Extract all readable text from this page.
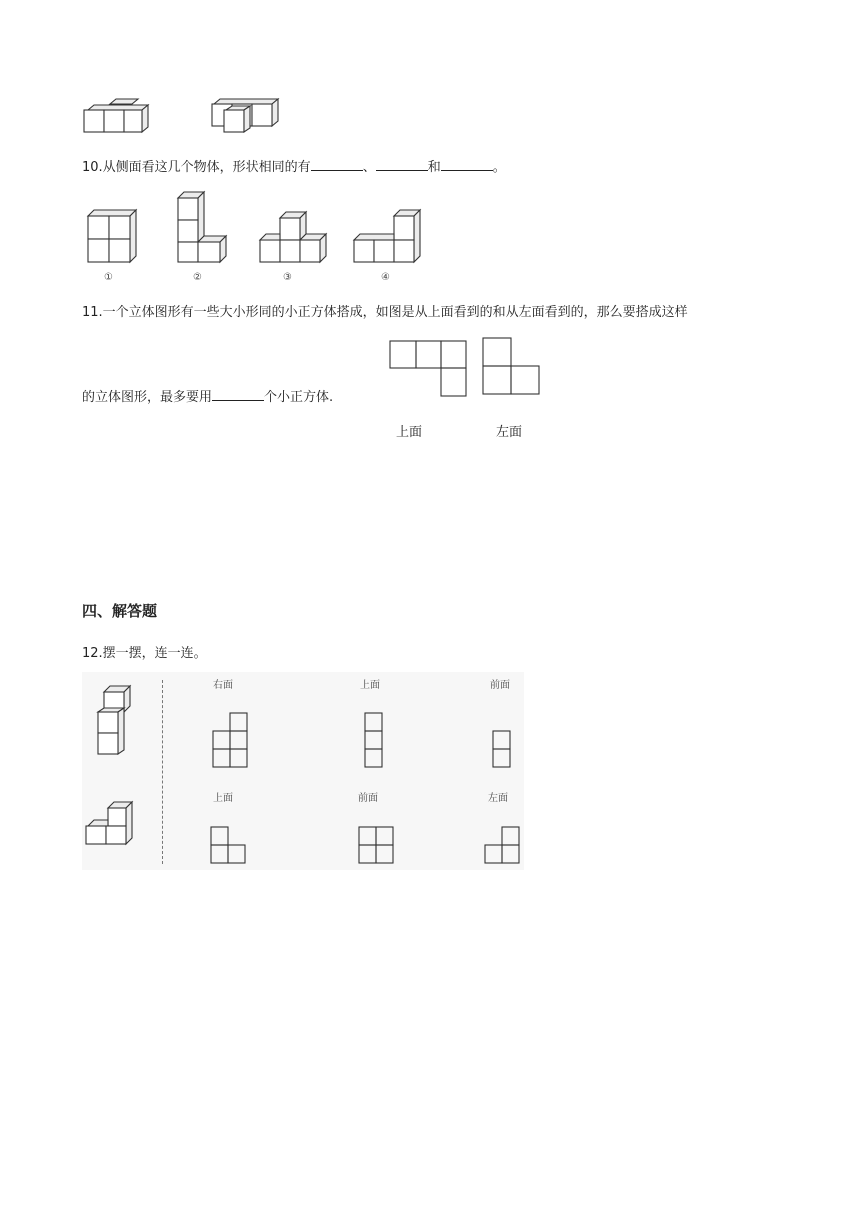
10.从侧面看这几个物体，形状相同的有	、	和	。
①	②	③	④
11.一个立体图形有一些大小形同的小正方体搭成，如图是从上面看到的和从左面看到的，那么要搭成这样
的立体图形，最多要用	个小正方体.
上面	左面
四、解答题
12.摆一摆，连一连。
右面	上面	前面
上面	前面	左面
